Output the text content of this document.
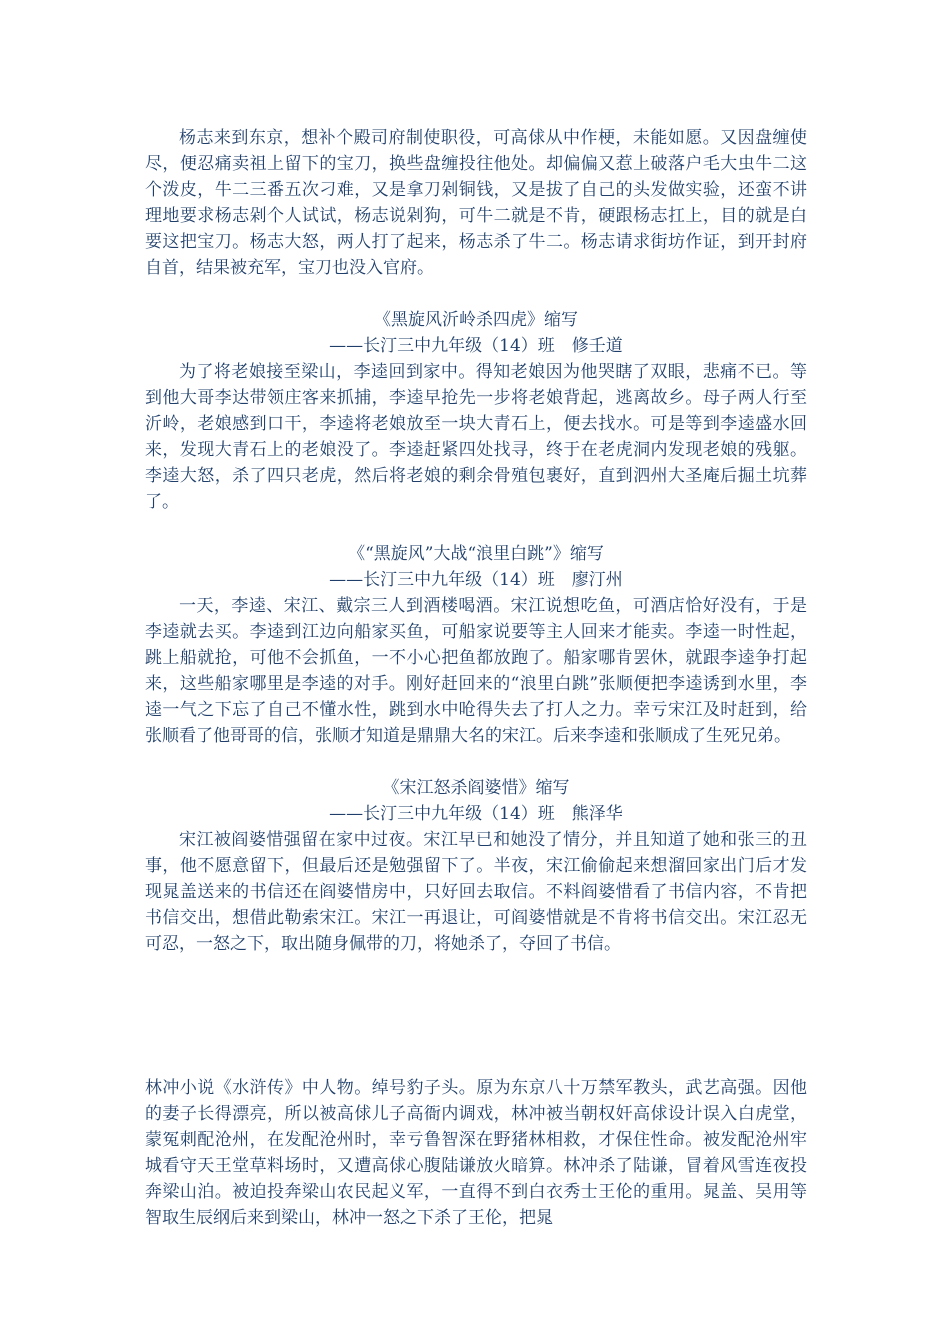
杨志来到东京，想补个殿司府制使职役，可高俅从中作梗，未能如愿。又因盘缠使尽，便忍痛卖祖上留下的宝刀，换些盘缠投往他处。却偏偏又惹上破落户毛大虫牛二这个泼皮，牛二三番五次刁难，又是拿刀剁铜钱，又是拔了自己的头发做实验，还蛮不讲理地要求杨志剁个人试试，杨志说剁狗，可牛二就是不肯，硬跟杨志扛上，目的就是白要这把宝刀。杨志大怒，两人打了起来，杨志杀了牛二。杨志请求街坊作证，到开封府自首，结果被充军，宝刀也没入官府。

《黑旋风沂岭杀四虎》缩写

——长汀三中九年级（14）班　修壬道

为了将老娘接至梁山，李逵回到家中。得知老娘因为他哭瞎了双眼，悲痛不已。等到他大哥李达带领庄客来抓捕，李逵早抢先一步将老娘背起，逃离故乡。母子两人行至沂岭，老娘感到口干，李逵将老娘放至一块大青石上，便去找水。可是等到李逵盛水回来，发现大青石上的老娘没了。李逵赶紧四处找寻，终于在老虎洞内发现老娘的残躯。李逵大怒，杀了四只老虎，然后将老娘的剩余骨殖包裹好，直到泗州大圣庵后掘土坑葬了。

《“黑旋风”大战“浪里白跳”》缩写

——长汀三中九年级（14）班　廖汀州

一天，李逵、宋江、戴宗三人到酒楼喝酒。宋江说想吃鱼，可酒店恰好没有，于是李逵就去买。李逵到江边向船家买鱼，可船家说要等主人回来才能卖。李逵一时性起，跳上船就抢，可他不会抓鱼，一不小心把鱼都放跑了。船家哪肯罢休，就跟李逵争打起来，这些船家哪里是李逵的对手。刚好赶回来的“浪里白跳”张顺便把李逵诱到水里，李逵一气之下忘了自己不懂水性，跳到水中呛得失去了打人之力。幸亏宋江及时赶到，给张顺看了他哥哥的信，张顺才知道是鼎鼎大名的宋江。后来李逵和张顺成了生死兄弟。

《宋江怒杀阎婆惜》缩写

——长汀三中九年级（14）班　熊泽华

宋江被阎婆惜强留在家中过夜。宋江早已和她没了情分，并且知道了她和张三的丑事，他不愿意留下，但最后还是勉强留下了。半夜，宋江偷偷起来想溜回家出门后才发现晁盖送来的书信还在阎婆惜房中，只好回去取信。不料阎婆惜看了书信内容，不肯把书信交出，想借此勒索宋江。宋江一再退让，可阎婆惜就是不肯将书信交出。宋江忍无可忍，一怒之下，取出随身佩带的刀，将她杀了，夺回了书信。

林冲小说《水浒传》中人物。绰号豹子头。原为东京八十万禁军教头，武艺高强。因他的妻子长得漂亮，所以被高俅儿子高衙内调戏，林冲被当朝权奸高俅设计误入白虎堂，蒙冤刺配沧州，在发配沧州时，幸亏鲁智深在野猪林相救，才保住性命。被发配沧州牢城看守天王堂草料场时，又遭高俅心腹陆谦放火暗算。林冲杀了陆谦，冒着风雪连夜投奔梁山泊。被迫投奔梁山农民起义军，一直得不到白衣秀士王伦的重用。晁盖、吴用等智取生辰纲后来到梁山，林冲一怒之下杀了王伦，把晁
